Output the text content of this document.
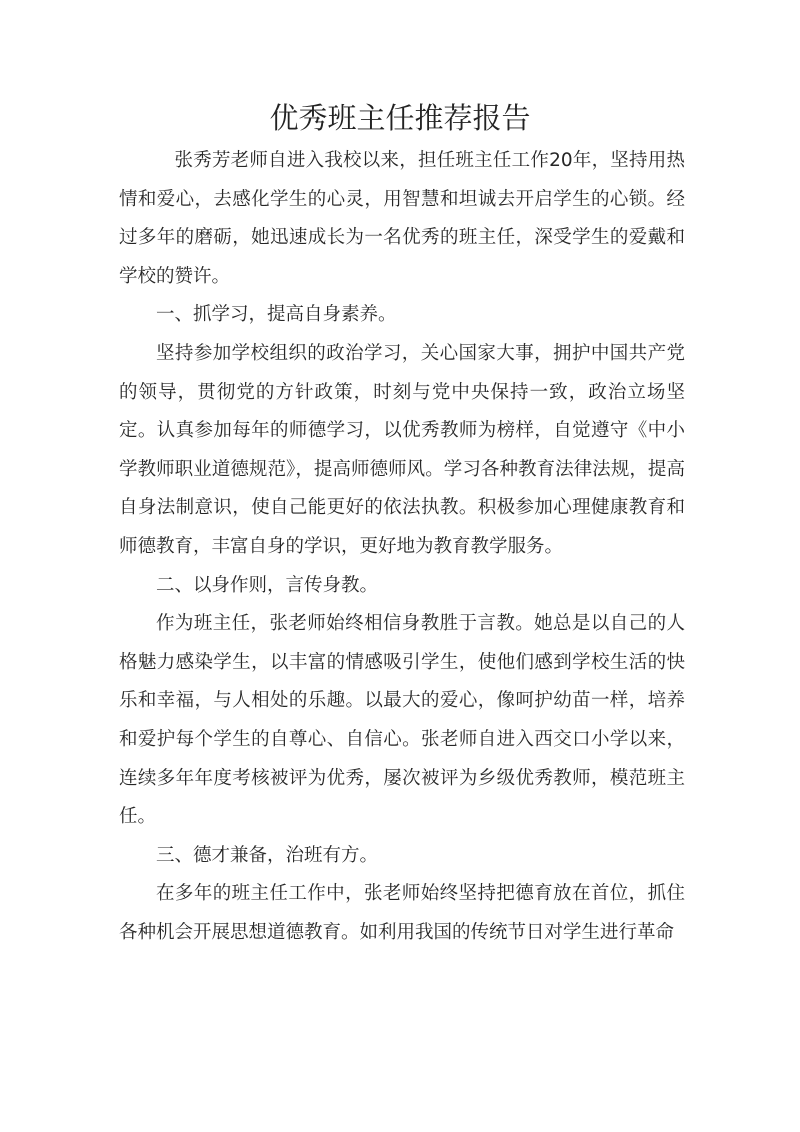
优秀班主任推荐报告

张秀芳老师自进入我校以来，担任班主任工作20年，坚持用热情和爱心，去感化学生的心灵，用智慧和坦诚去开启学生的心锁。经过多年的磨砺，她迅速成长为一名优秀的班主任，深受学生的爱戴和学校的赞许。

一、抓学习，提高自身素养。

坚持参加学校组织的政治学习，关心国家大事，拥护中国共产党的领导，贯彻党的方针政策，时刻与党中央保持一致，政治立场坚定。认真参加每年的师德学习，以优秀教师为榜样，自觉遵守《中小学教师职业道德规范》，提高师德师风。学习各种教育法律法规，提高自身法制意识，使自己能更好的依法执教。积极参加心理健康教育和师德教育，丰富自身的学识，更好地为教育教学服务。

二、以身作则，言传身教。

作为班主任，张老师始终相信身教胜于言教。她总是以自己的人格魅力感染学生，以丰富的情感吸引学生，使他们感到学校生活的快乐和幸福，与人相处的乐趣。以最大的爱心，像呵护幼苗一样，培养和爱护每个学生的自尊心、自信心。张老师自进入西交口小学以来，连续多年年度考核被评为优秀，屡次被评为乡级优秀教师，模范班主任。

三、德才兼备，治班有方。

在多年的班主任工作中，张老师始终坚持把德育放在首位，抓住各种机会开展思想道德教育。如利用我国的传统节日对学生进行革命
